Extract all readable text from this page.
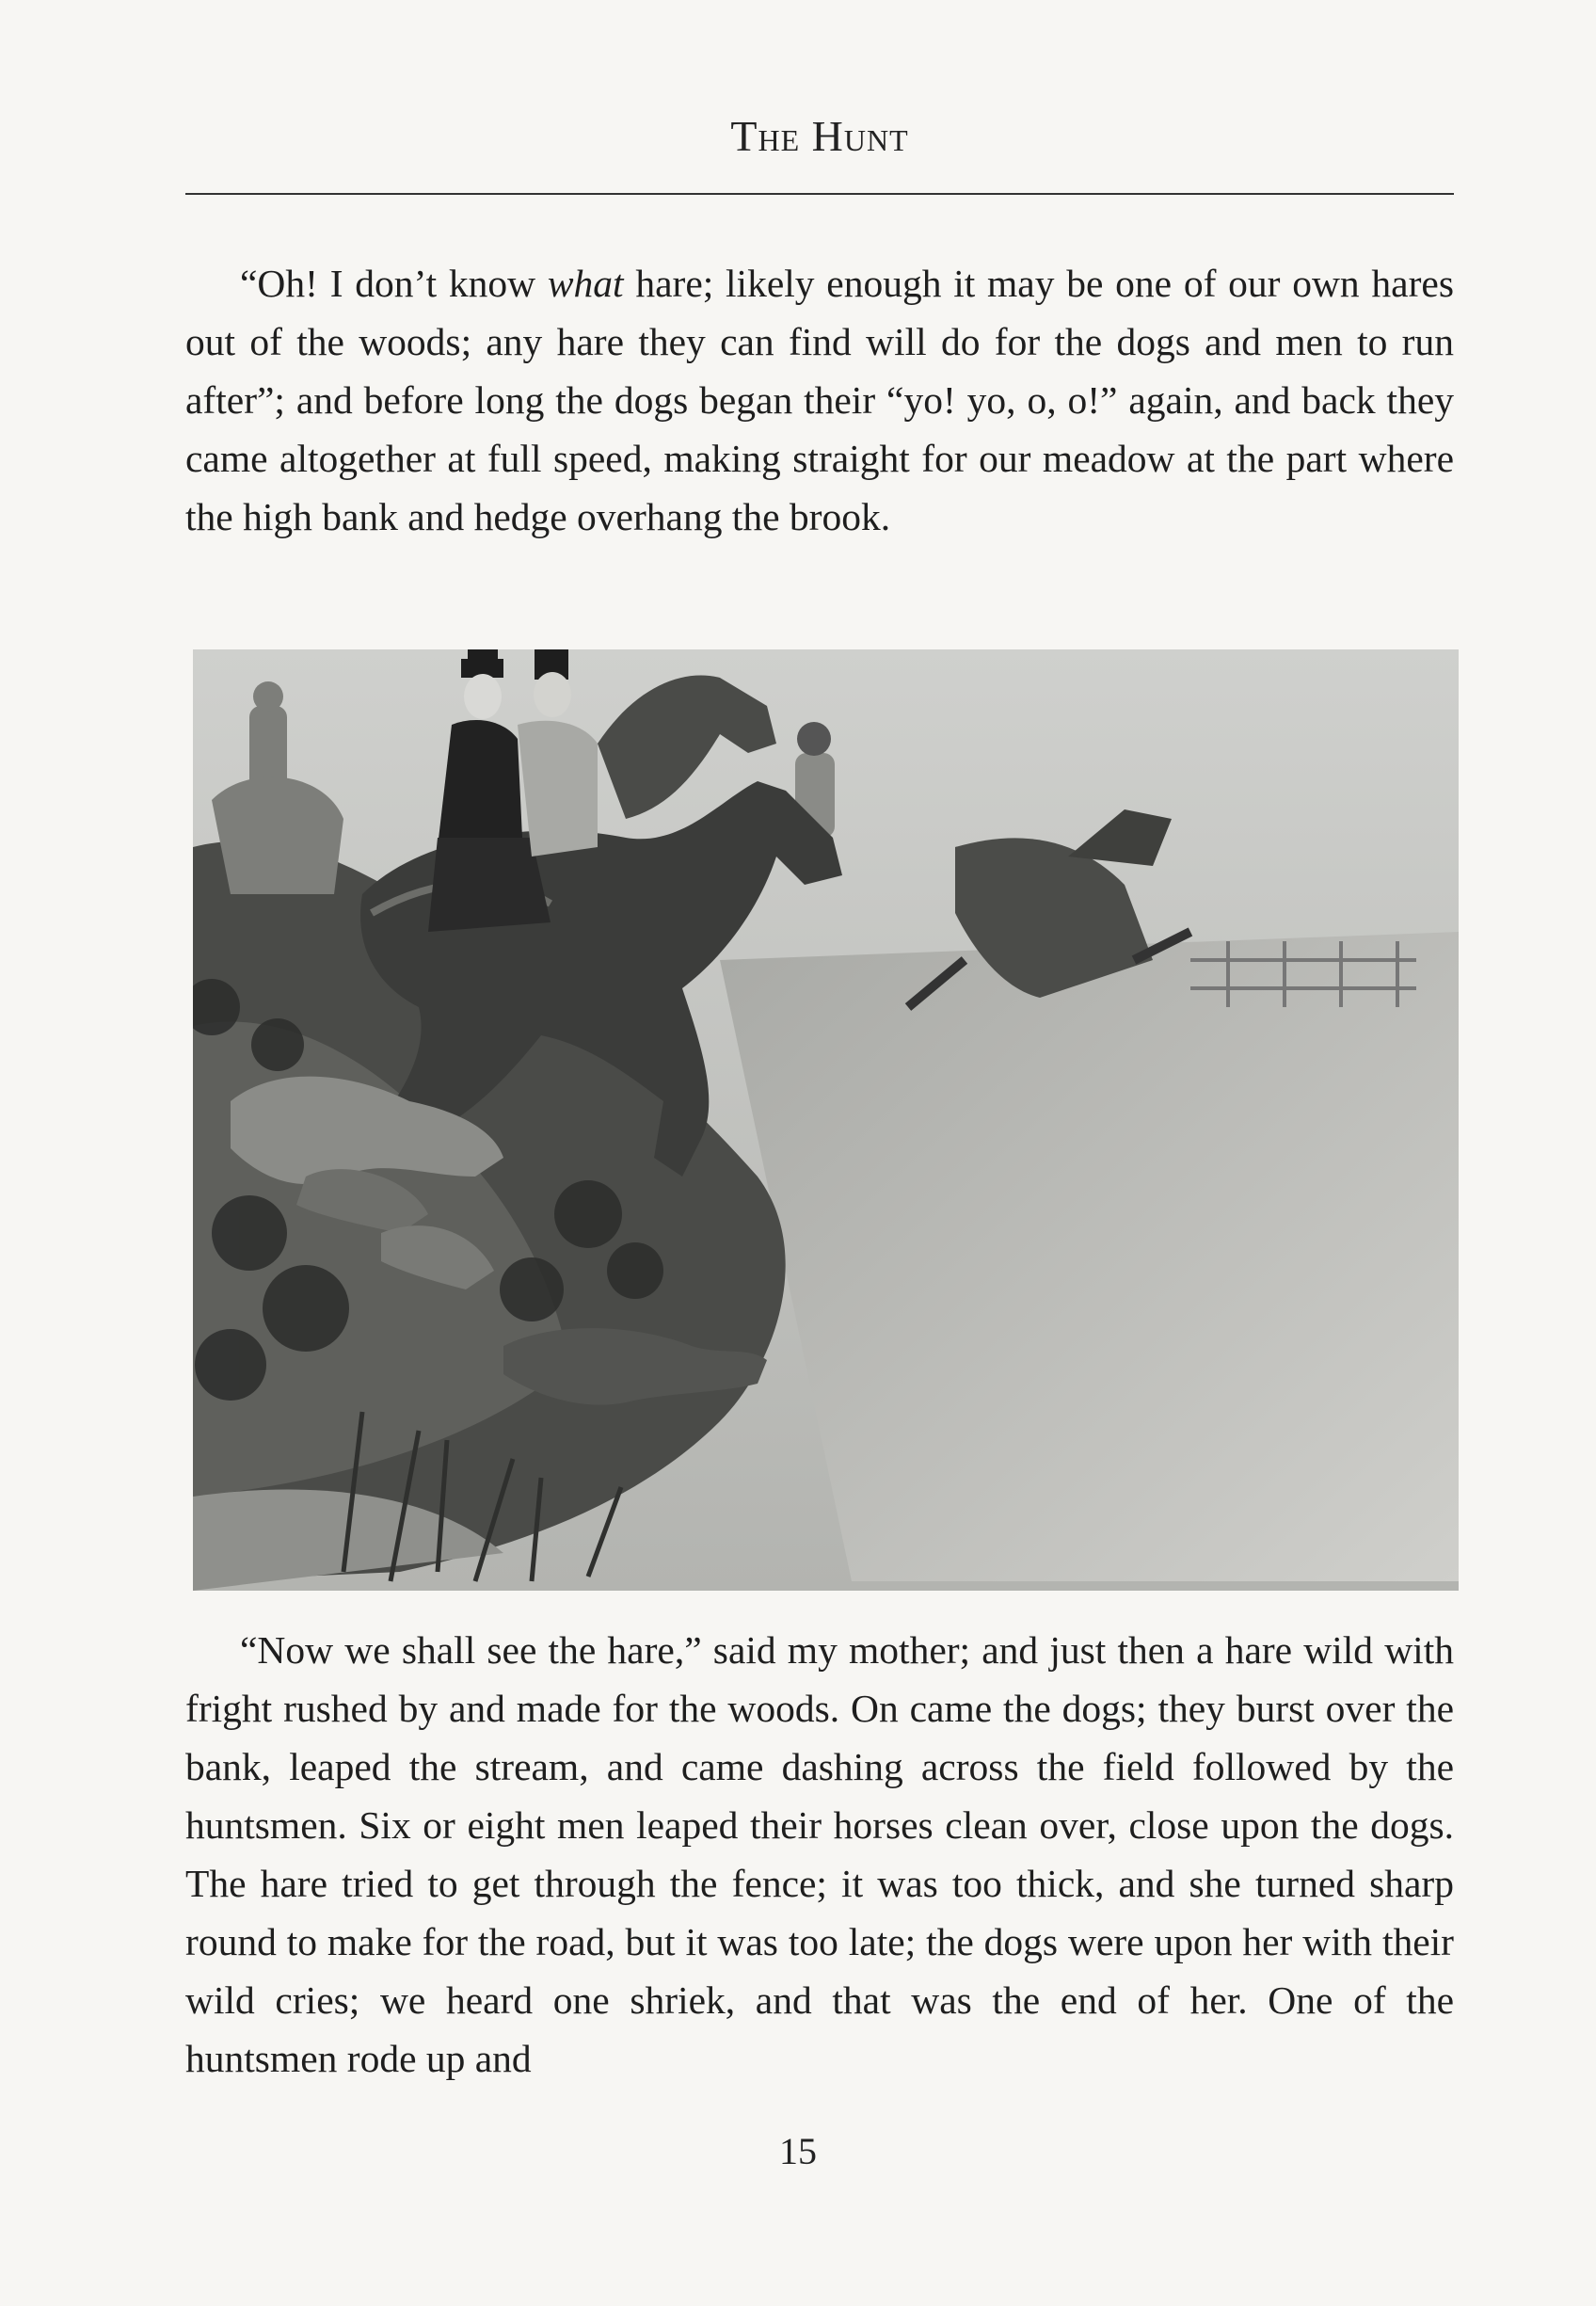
The Hunt

“Oh! I don’t know what hare; likely enough it may be one of our own hares out of the woods; any hare they can find will do for the dogs and men to run after”; and before long the dogs began their “yo! yo, o, o!” again, and back they came altogether at full speed, making straight for our meadow at the part where the high bank and hedge overhang the brook.

“Now we shall see the hare,” said my mother; and just then a hare wild with fright rushed by and made for the woods. On came the dogs; they burst over the bank, leaped the stream, and came dashing across the field followed by the huntsmen. Six or eight men leaped their horses clean over, close upon the dogs. The hare tried to get through the fence; it was too thick, and she turned sharp round to make for the road, but it was too late; the dogs were upon her with their wild cries; we heard one shriek, and that was the end of her. One of the huntsmen rode up and

15
